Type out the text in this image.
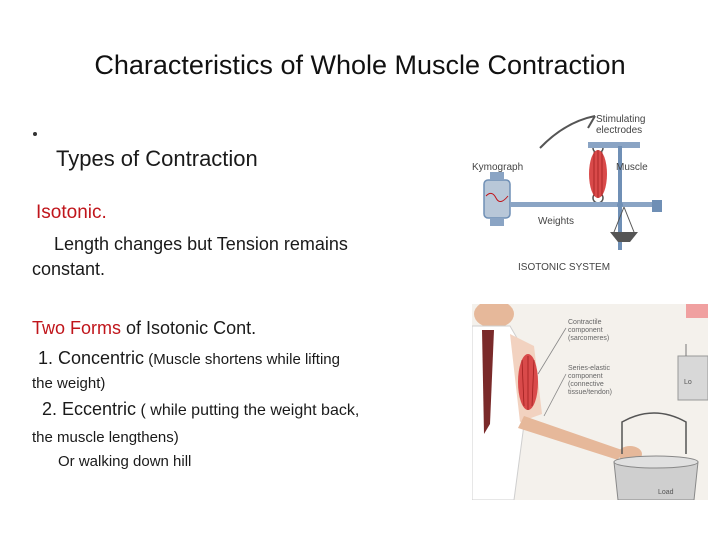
Characteristics of Whole Muscle Contraction
Types of Contraction
Isotonic.
Length changes but Tension remains
constant.
Two Forms of Isotonic Cont.
1. Concentric (Muscle shortens while lifting
the weight)
2. Eccentric ( while putting the weight back,
the muscle lengthens)
Or walking down hill
Stimulating
electrodes
Kymograph	Muscle
Weights
ISOTONIC SYSTEM
Contractile
component
(sarcomeres)
Series-elastic
component
(connective
tissue/tendon)
Lo
Load
